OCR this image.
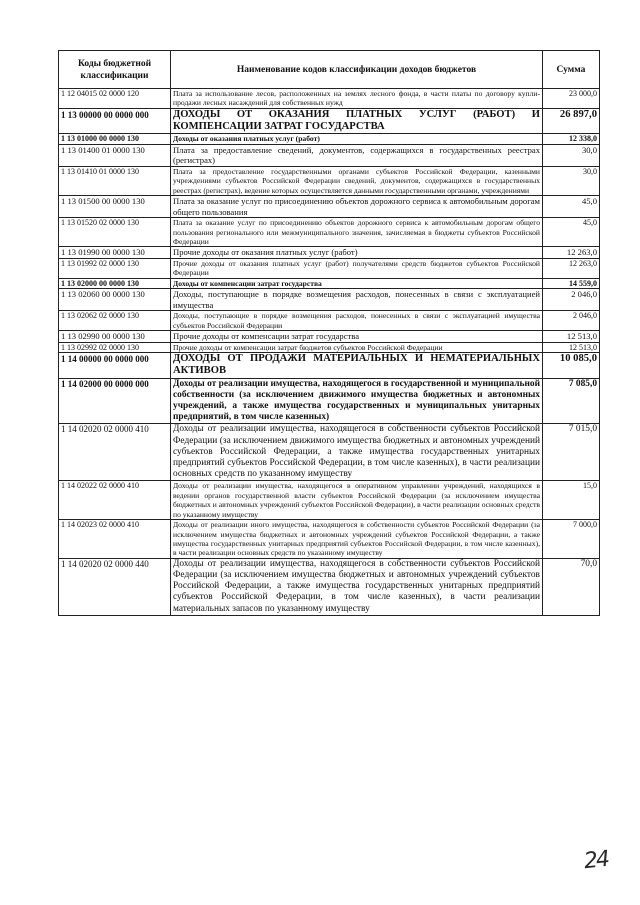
Коды бюджетной классификации	Наименование кодов классификации доходов бюджетов	Сумма
1 12 04015 02 0000 120	Плата за использование лесов, расположенных на землях лесного фонда, в части платы по договору купли-продажи лесных насаждений для собственных нужд	23 000,0
1 13 00000 00 0000 000	ДОХОДЫ ОТ ОКАЗАНИЯ ПЛАТНЫХ УСЛУГ (РАБОТ) И КОМПЕНСАЦИИ ЗАТРАТ ГОСУДАРСТВА	26 897,0
1 13 01000 00 0000 130	Доходы от оказания платных услуг (работ)	12 338,0
1 13 01400 01 0000 130	Плата за предоставление сведений, документов, содержащихся в государственных реестрах (регистрах)	30,0
1 13 01410 01 0000 130	Плата за предоставление государственными органами субъектов Российской Федерации, казенными учреждениями субъектов Российской Федерации сведений, документов, содержащихся в государственных реестрах (регистрах), ведение которых осуществляется данными государственными органами, учреждениями	30,0
1 13 01500 00 0000 130	Плата за оказание услуг по присоединению объектов дорожного сервиса к автомобильным дорогам общего пользования	45,0
1 13 01520 02 0000 130	Плата за оказание услуг по присоединению объектов дорожного сервиса к автомобильным дорогам общего пользования регионального или межмуниципального значения, зачисляемая в бюджеты субъектов Российской Федерации	45,0
1 13 01990 00 0000 130	Прочие доходы от оказания платных услуг (работ)	12 263,0
1 13 01992 02 0000 130	Прочие доходы от оказания платных услуг (работ) получателями средств бюджетов субъектов Российской Федерации	12 263,0
1 13 02000 00 0000 130	Доходы от компенсации затрат государства	14 559,0
1 13 02060 00 0000 130	Доходы, поступающие в порядке возмещения расходов, понесенных в связи с эксплуатацией имущества	2 046,0
1 13 02062 02 0000 130	Доходы, поступающие в порядке возмещения расходов, понесенных в связи с эксплуатацией имущества субъектов Российской Федерации	2 046,0
1 13 02990 00 0000 130	Прочие доходы от компенсации затрат государства	12 513,0
1 13 02992 02 0000 130	Прочие доходы от компенсации затрат бюджетов субъектов Российской Федерации	12 513,0
1 14 00000 00 0000 000	ДОХОДЫ ОТ ПРОДАЖИ МАТЕРИАЛЬНЫХ И НЕМАТЕРИАЛЬНЫХ АКТИВОВ	10 085,0
1 14 02000 00 0000 000	Доходы от реализации имущества, находящегося в государственной и муниципальной собственности (за исключением движимого имущества бюджетных и автономных учреждений, а также имущества государственных и муниципальных унитарных предприятий, в том числе казенных)	7 085,0
1 14 02020 02 0000 410	Доходы от реализации имущества, находящегося в собственности субъектов Российской Федерации (за исключением движимого имущества бюджетных и автономных учреждений субъектов Российской Федерации, а также имущества государственных унитарных предприятий субъектов Российской Федерации, в том числе казенных), в части реализации основных средств по указанному имуществу	7 015,0
1 14 02022 02 0000 410	Доходы от реализации имущества, находящегося в оперативном управлении учреждений, находящихся в ведении органов государственной власти субъектов Российской Федерации (за исключением имущества бюджетных и автономных учреждений субъектов Российской Федерации), в части реализации основных средств по указанному имуществу	15,0
1 14 02023 02 0000 410	Доходы от реализации иного имущества, находящегося в собственности субъектов Российской Федерации (за исключением имущества бюджетных и автономных учреждений субъектов Российской Федерации, а также имущества государственных унитарных предприятий субъектов Российской Федерации, в том числе казенных), в части реализации основных средств по указанному имуществу	7 000,0
1 14 02020 02 0000 440	Доходы от реализации имущества, находящегося в собственности субъектов Российской Федерации (за исключением имущества бюджетных и автономных учреждений субъектов Российской Федерации, а также имущества государственных унитарных предприятий субъектов Российской Федерации, в том числе казенных), в части реализации материальных запасов по указанному имуществу	70,0
24
